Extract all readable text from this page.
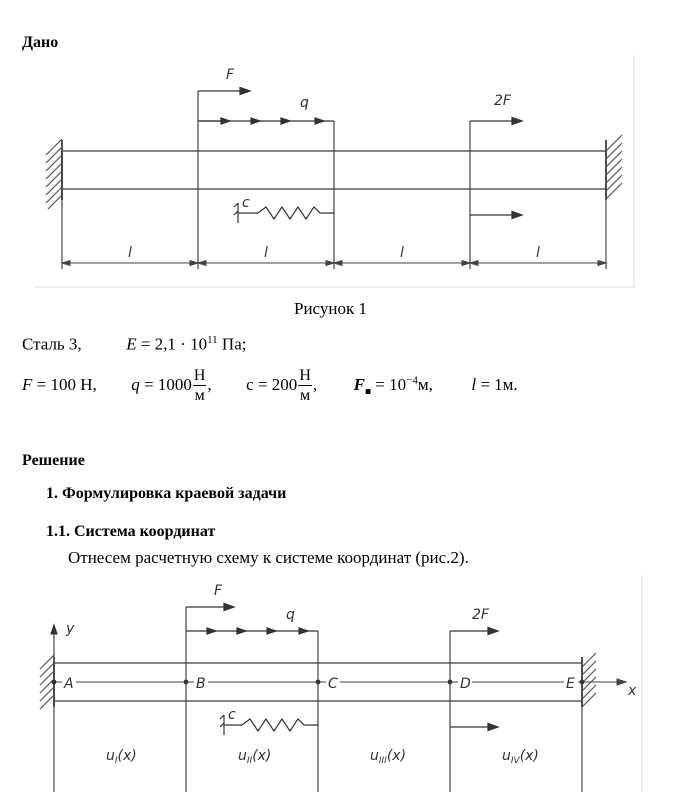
Дано
F
q	2F
c
l	l	l	l
Рисунок 1
Сталь 3,	$E = 2,1 \cdot 10^{11}$ Па;
F = 100 Н, $q = 1000 \frac{Н}{м}$ , $c = 200 \frac{Н}{м}$ , $F_■ = 10^{-4}м$, l = 1м.
Решение
1. Формулировка краевой задачи
1.1. Система координат
Отнесем расчетную схему к системе координат (рис.2).
y
x
A	B	C	D	E
F
q	2F
c
$u_I(x)$	$u_{II}(x)$	$u_{III}(x)$	$u_{IV}(x)$
